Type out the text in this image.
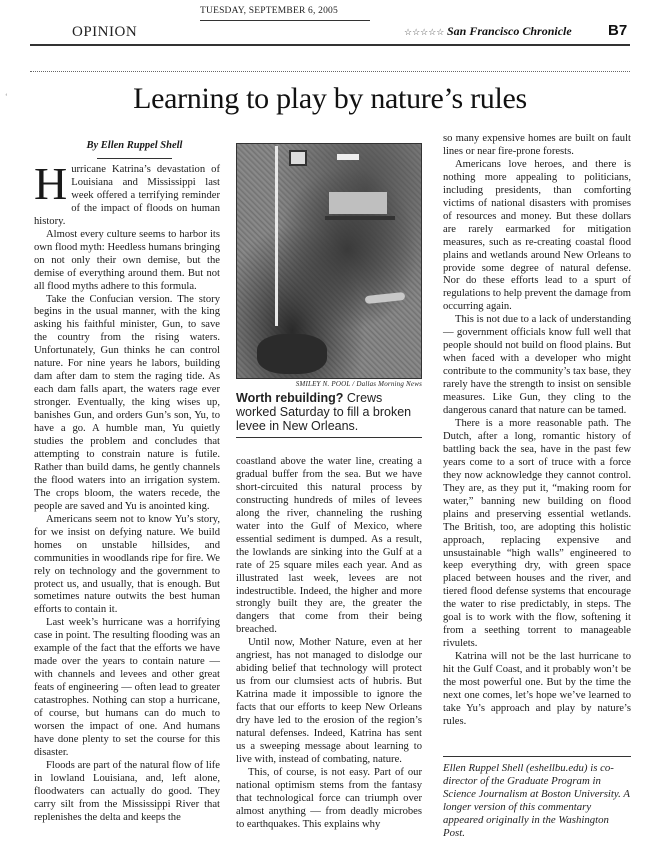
OPINION
TUESDAY, SEPTEMBER 6, 2005
☆☆☆☆☆ San Francisco Chronicle B7
‘	Learning to play by nature’s rules
By Ellen Ruppel Shell

Hurricane Katrina’s devastation of Louisiana and Mississippi last week offered a terrifying reminder of the impact of floods on human history.

Almost every culture seems to harbor its own flood myth: Heedless humans bringing on not only their own demise, but the demise of everything around them. But not all flood myths adhere to this formula.

Take the Confucian version. The story begins in the usual manner, with the king asking his faithful minister, Gun, to save the country from the rising waters. Unfortunately, Gun thinks he can control nature. For nine years he labors, building dam after dam to stem the raging tide. As each dam falls apart, the waters rage ever stronger. Eventually, the king wises up, banishes Gun, and orders Gun’s son, Yu, to have a go. A humble man, Yu quietly studies the problem and concludes that attempting to constrain nature is futile. Rather than build dams, he gently channels the flood waters into an irrigation system. The crops bloom, the waters recede, the people are saved and Yu is anointed king.

Americans seem not to know Yu’s story, for we insist on defying nature. We build homes on unstable hillsides, and communities in woodlands ripe for fire. We rely on technology and the government to protect us, and usually, that is enough. But sometimes nature outwits the best human efforts to contain it.

Last week’s hurricane was a horrifying case in point. The resulting flooding was an example of the fact that the efforts we have made over the years to contain nature — with channels and levees and other great feats of engineering — often lead to greater catastrophes. Nothing can stop a hurricane, of course, but humans can do much to worsen the impact of one. And humans have done plenty to set the course for this disaster.

Floods are part of the natural flow of life in lowland Louisiana, and, left alone, floodwaters can actually do good. They carry silt from the Mississippi River that replenishes the delta and keeps the

SMILEY N. POOL / Dallas Morning News
Worth rebuilding? Crews worked Saturday to fill a broken levee in New Orleans.

coastland above the water line, creating a gradual buffer from the sea. But we have short-circuited this natural process by constructing hundreds of miles of levees along the river, channeling the rushing water into the Gulf of Mexico, where essential sediment is dumped. As a result, the lowlands are sinking into the Gulf at a rate of 25 square miles each year. And as illustrated last week, levees are not indestructible. Indeed, the higher and more strongly built they are, the greater the dangers that come from their being breached.

Until now, Mother Nature, even at her angriest, has not managed to dislodge our abiding belief that technology will protect us from our clumsiest acts of hubris. But Katrina made it impossible to ignore the facts that our efforts to keep New Orleans dry have led to the erosion of the region’s natural defenses. Indeed, Katrina has sent us a sweeping message about learning to live with, instead of combating, nature.

This, of course, is not easy. Part of our national optimism stems from the fantasy that technological force can triumph over almost anything — from deadly microbes to earthquakes. This explains why

so many expensive homes are built on fault lines or near fire-prone forests.

Americans love heroes, and there is nothing more appealing to politicians, including presidents, than comforting victims of national disasters with promises of resources and money. But these dollars are rarely earmarked for mitigation measures, such as re-creating coastal flood plains and wetlands around New Orleans to provide some degree of natural defense. Nor do these efforts lead to a spurt of regulations to help prevent the damage from occurring again.

This is not due to a lack of understanding — government officials know full well that people should not build on flood plains. But when faced with a developer who might contribute to the community’s tax base, they rarely have the strength to insist on sensible measures. Like Gun, they cling to the dangerous canard that nature can be tamed.

There is a more reasonable path. The Dutch, after a long, romantic history of battling back the sea, have in the past few years come to a sort of truce with a force they now acknowledge they cannot control. They are, as they put it, “making room for water,” banning new building on flood plains and preserving essential wetlands. The British, too, are adopting this holistic approach, replacing expensive and unsustainable “high walls” engineered to keep everything dry, with green space placed between houses and the river, and tiered flood defense systems that encourage the water to rise predictably, in steps. The goal is to work with the flow, softening it from a seething torrent to manageable rivulets.

Katrina will not be the last hurricane to hit the Gulf Coast, and it probably won’t be the most powerful one. But by the time the next one comes, let’s hope we’ve learned to take Yu’s approach and play by nature’s rules.

Ellen Ruppel Shell (eshellbu.edu) is co-director of the Graduate Program in Science Journalism at Boston University. A longer version of this commentary appeared originally in the Washington Post.
